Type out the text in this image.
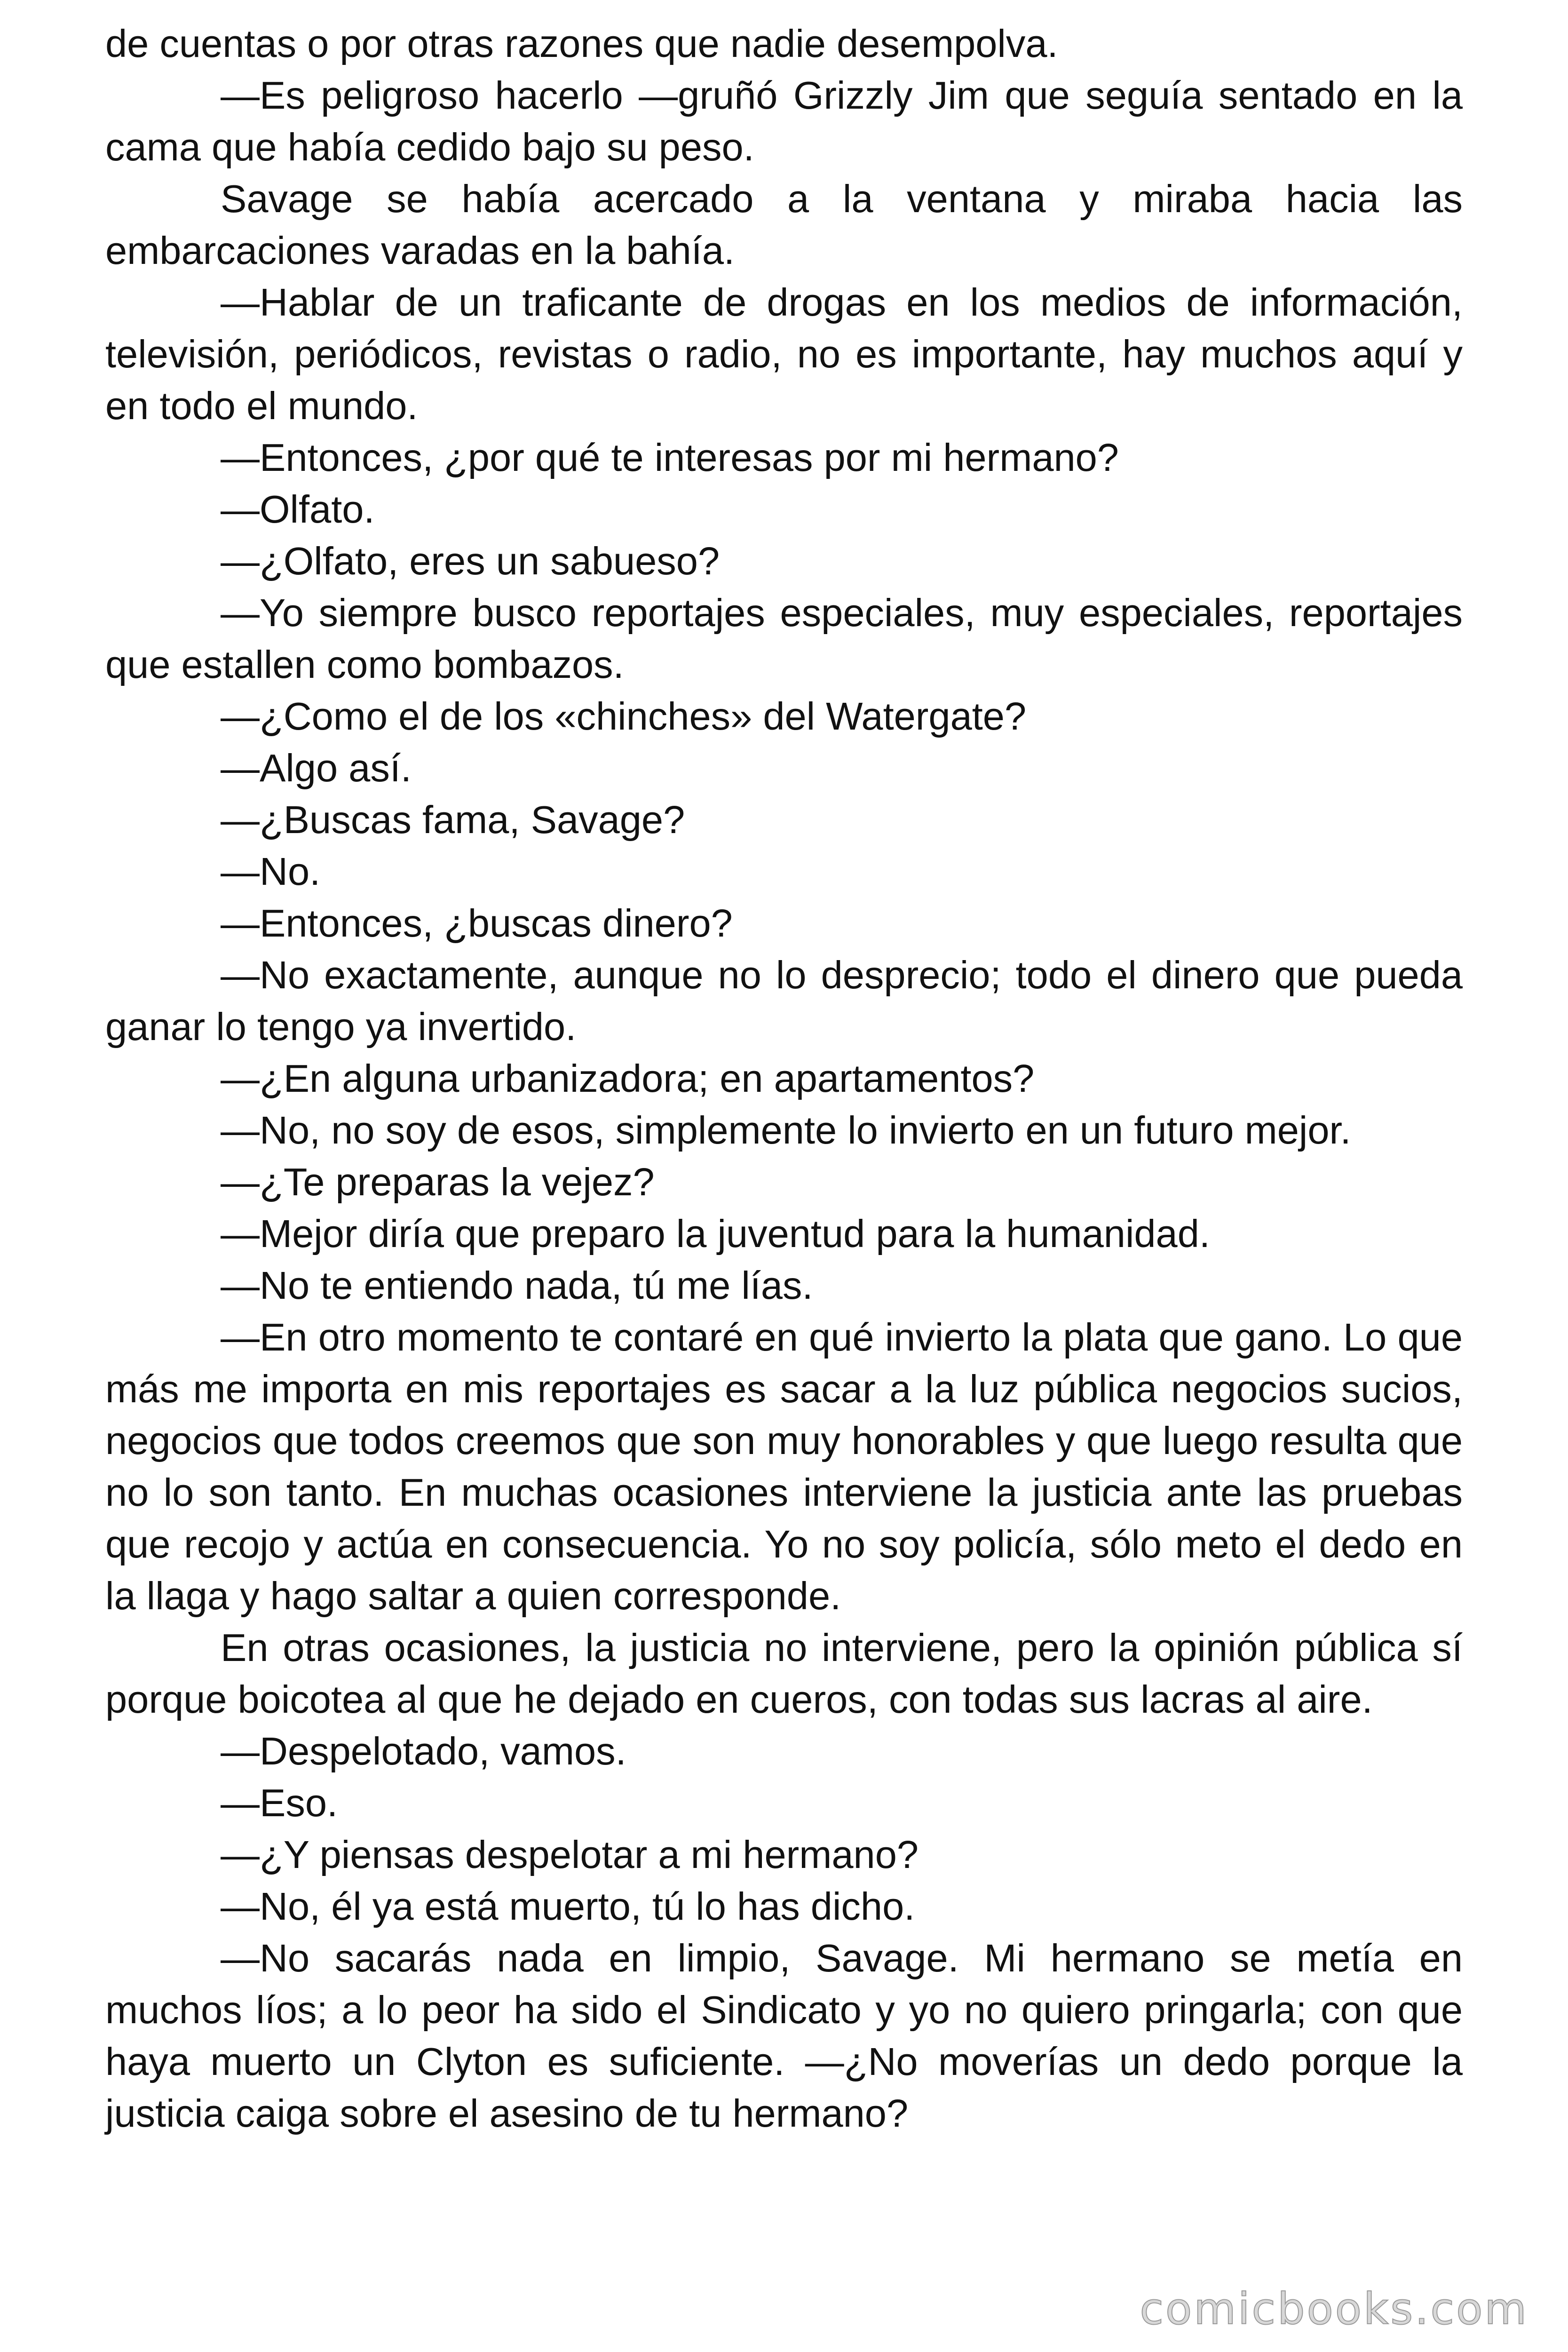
de cuentas o por otras razones que nadie desempolva.

—Es peligroso hacerlo —gruñó Grizzly Jim que seguía sentado en la cama que había cedido bajo su peso.

Savage se había acercado a la ventana y miraba hacia las embarcaciones varadas en la bahía.

—Hablar de un traficante de drogas en los medios de información, televisión, periódicos, revistas o radio, no es importante, hay muchos aquí y en todo el mundo.

—Entonces, ¿por qué te interesas por mi hermano?

—Olfato.

—¿Olfato, eres un sabueso?

—Yo siempre busco reportajes especiales, muy especiales, reportajes que estallen como bombazos.

—¿Como el de los «chinches» del Watergate?

—Algo así.

—¿Buscas fama, Savage?

—No.

—Entonces, ¿buscas dinero?

—No exactamente, aunque no lo desprecio; todo el dinero que pueda ganar lo tengo ya invertido.

—¿En alguna urbanizadora; en apartamentos?

—No, no soy de esos, simplemente lo invierto en un futuro mejor.

—¿Te preparas la vejez?

—Mejor diría que preparo la juventud para la humanidad.

—No te entiendo nada, tú me lías.

—En otro momento te contaré en qué invierto la plata que gano. Lo que más me importa en mis reportajes es sacar a la luz pública negocios sucios, negocios que todos creemos que son muy honorables y que luego resulta que no lo son tanto. En muchas ocasiones interviene la justicia ante las pruebas que recojo y actúa en consecuencia. Yo no soy policía, sólo meto el dedo en la llaga y hago saltar a quien corresponde.

En otras ocasiones, la justicia no interviene, pero la opinión pública sí porque boicotea al que he dejado en cueros, con todas sus lacras al aire.

—Despelotado, vamos.

—Eso.

—¿Y piensas despelotar a mi hermano?

—No, él ya está muerto, tú lo has dicho.

—No sacarás nada en limpio, Savage. Mi hermano se metía en muchos líos; a lo peor ha sido el Sindicato y yo no quiero pringarla; con que haya muerto un Clyton es suficiente. —¿No moverías un dedo porque la justicia caiga sobre el asesino de tu hermano?

comicbooks.com
